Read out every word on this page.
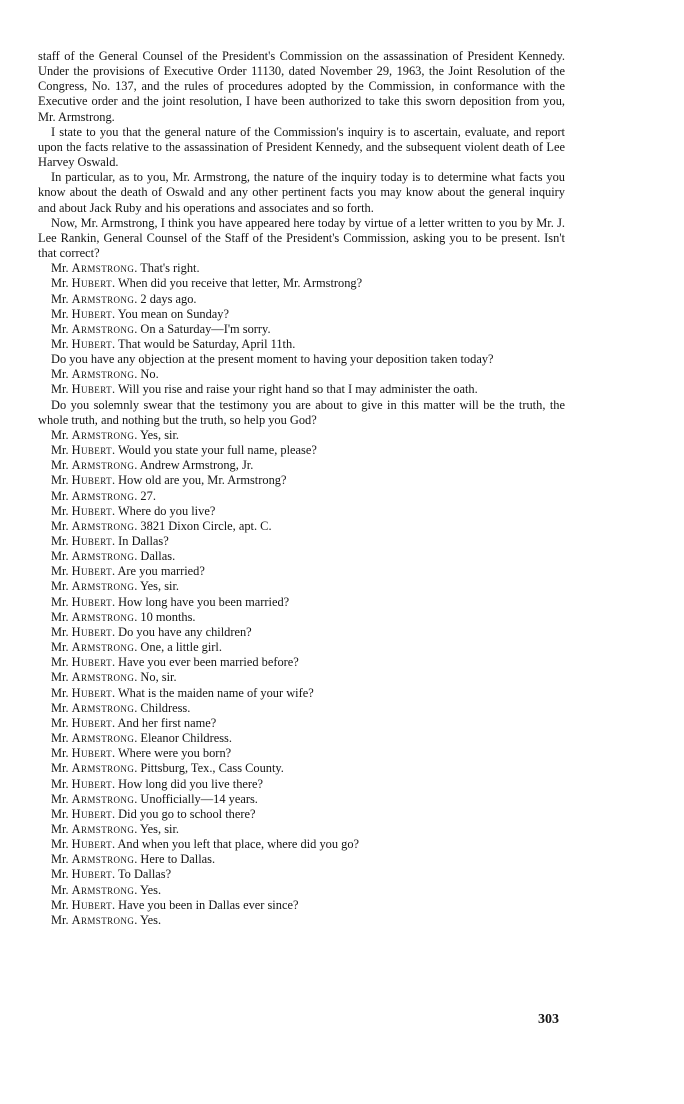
staff of the General Counsel of the President's Commission on the assassination of President Kennedy. Under the provisions of Executive Order 11130, dated November 29, 1963, the Joint Resolution of the Congress, No. 137, and the rules of procedures adopted by the Commission, in conformance with the Executive order and the joint resolution, I have been authorized to take this sworn deposition from you, Mr. Armstrong.

I state to you that the general nature of the Commission's inquiry is to ascertain, evaluate, and report upon the facts relative to the assassination of President Kennedy, and the subsequent violent death of Lee Harvey Oswald.

In particular, as to you, Mr. Armstrong, the nature of the inquiry today is to determine what facts you know about the death of Oswald and any other pertinent facts you may know about the general inquiry and about Jack Ruby and his operations and associates and so forth.

Now, Mr. Armstrong, I think you have appeared here today by virtue of a letter written to you by Mr. J. Lee Rankin, General Counsel of the Staff of the President's Commission, asking you to be present. Isn't that correct?

Mr. Armstrong. That's right.

Mr. Hubert. When did you receive that letter, Mr. Armstrong?

Mr. Armstrong. 2 days ago.

Mr. Hubert. You mean on Sunday?

Mr. Armstrong. On a Saturday—I'm sorry.

Mr. Hubert. That would be Saturday, April 11th.

Do you have any objection at the present moment to having your deposition taken today?

Mr. Armstrong. No.

Mr. Hubert. Will you rise and raise your right hand so that I may administer the oath.

Do you solemnly swear that the testimony you are about to give in this matter will be the truth, the whole truth, and nothing but the truth, so help you God?

Mr. Armstrong. Yes, sir.

Mr. Hubert. Would you state your full name, please?

Mr. Armstrong. Andrew Armstrong, Jr.

Mr. Hubert. How old are you, Mr. Armstrong?

Mr. Armstrong. 27.

Mr. Hubert. Where do you live?

Mr. Armstrong. 3821 Dixon Circle, apt. C.

Mr. Hubert. In Dallas?

Mr. Armstrong. Dallas.

Mr. Hubert. Are you married?

Mr. Armstrong. Yes, sir.

Mr. Hubert. How long have you been married?

Mr. Armstrong. 10 months.

Mr. Hubert. Do you have any children?

Mr. Armstrong. One, a little girl.

Mr. Hubert. Have you ever been married before?

Mr. Armstrong. No, sir.

Mr. Hubert. What is the maiden name of your wife?

Mr. Armstrong. Childress.

Mr. Hubert. And her first name?

Mr. Armstrong. Eleanor Childress.

Mr. Hubert. Where were you born?

Mr. Armstrong. Pittsburg, Tex., Cass County.

Mr. Hubert. How long did you live there?

Mr. Armstrong. Unofficially—14 years.

Mr. Hubert. Did you go to school there?

Mr. Armstrong. Yes, sir.

Mr. Hubert. And when you left that place, where did you go?

Mr. Armstrong. Here to Dallas.

Mr. Hubert. To Dallas?

Mr. Armstrong. Yes.

Mr. Hubert. Have you been in Dallas ever since?

Mr. Armstrong. Yes.

303
